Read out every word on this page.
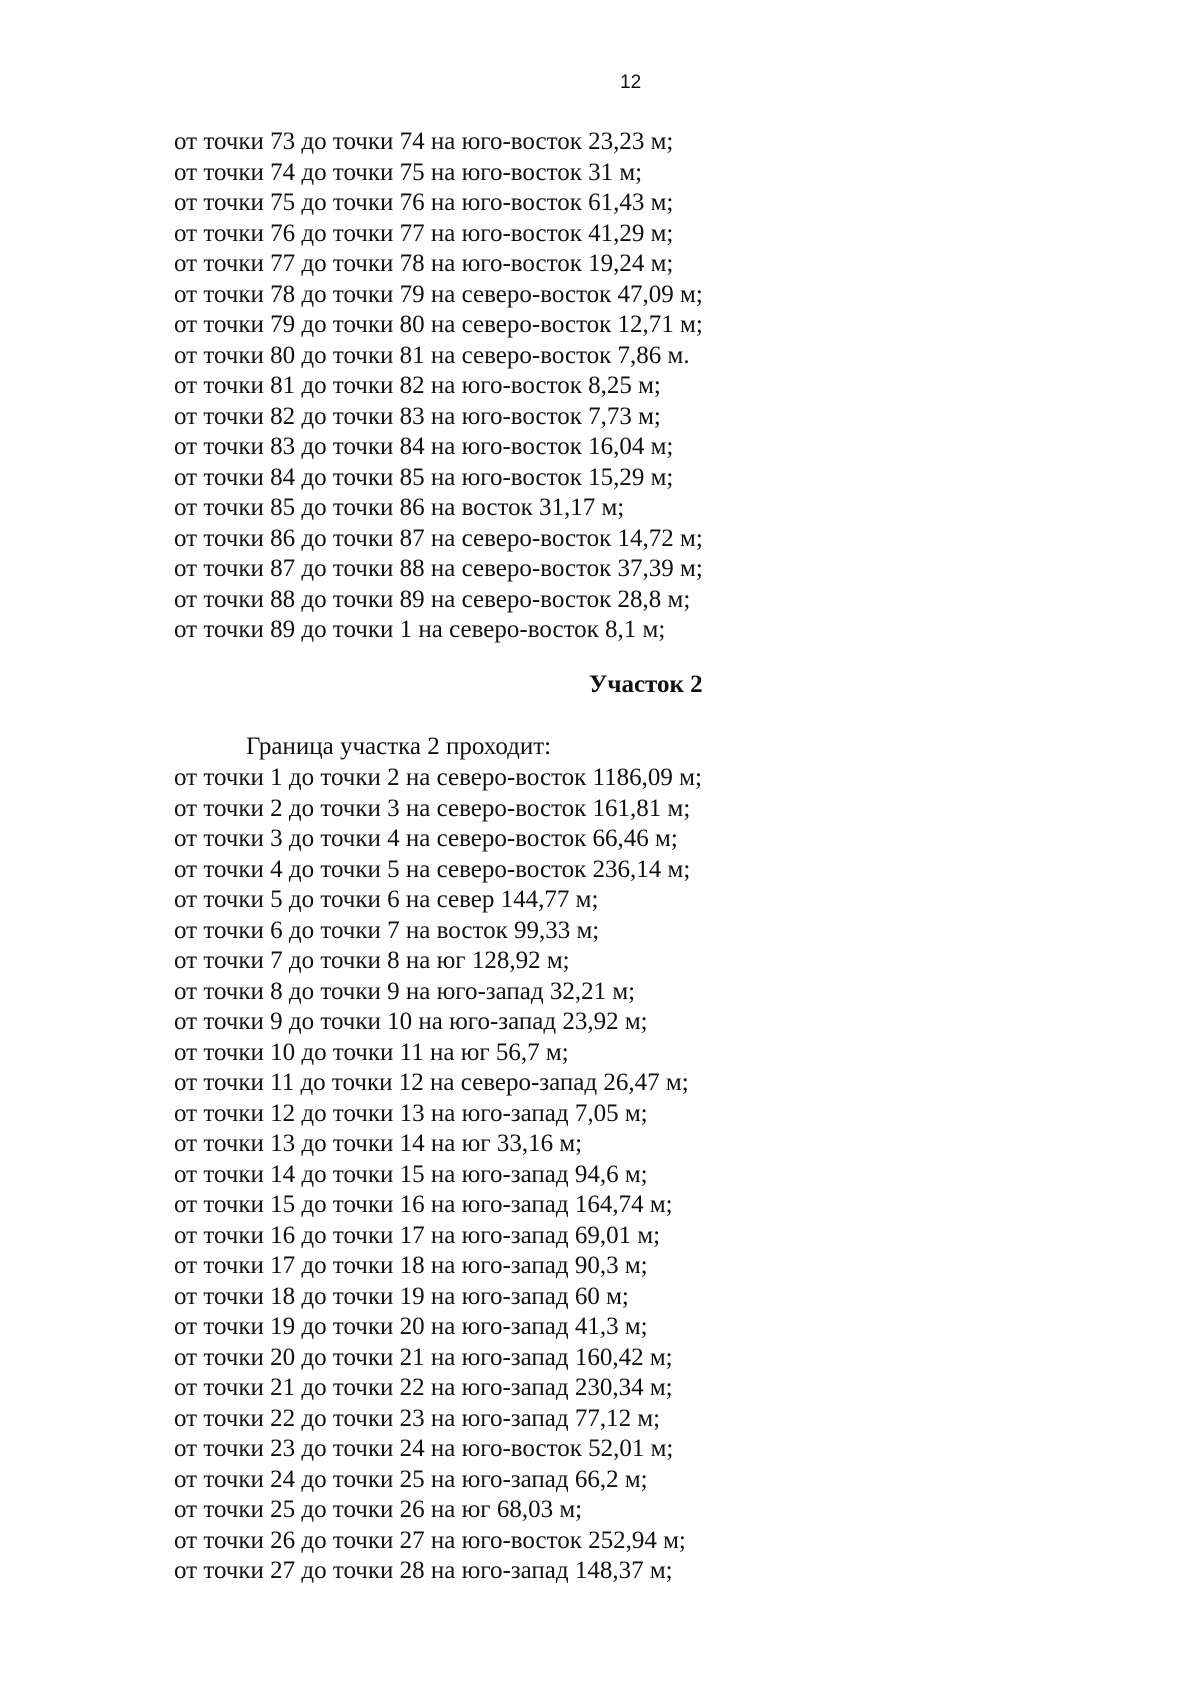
12
от точки 73 до точки 74 на юго-восток 23,23 м;
от точки 74 до точки 75 на юго-восток 31 м;
от точки 75 до точки 76 на юго-восток 61,43 м;
от точки 76 до точки 77 на юго-восток 41,29 м;
от точки 77 до точки 78 на юго-восток 19,24 м;
от точки 78 до точки 79 на северо-восток 47,09 м;
от точки 79 до точки 80 на северо-восток 12,71 м;
от точки 80 до точки 81 на северо-восток 7,86 м.
от точки 81 до точки 82 на юго-восток 8,25 м;
от точки 82 до точки 83 на юго-восток 7,73 м;
от точки 83 до точки 84 на юго-восток 16,04 м;
от точки 84 до точки 85 на юго-восток 15,29 м;
от точки 85 до точки 86 на восток 31,17 м;
от точки 86 до точки 87 на северо-восток 14,72 м;
от точки 87 до точки 88 на северо-восток 37,39 м;
от точки 88 до точки 89 на северо-восток 28,8 м;
от точки 89 до точки 1 на северо-восток 8,1 м;
Участок 2
Граница участка 2 проходит:
от точки 1 до точки 2 на северо-восток 1186,09 м;
от точки 2 до точки 3 на северо-восток 161,81 м;
от точки 3 до точки 4 на северо-восток 66,46 м;
от точки 4 до точки 5 на северо-восток 236,14 м;
от точки 5 до точки 6 на север 144,77 м;
от точки 6 до точки 7 на восток 99,33 м;
от точки 7 до точки 8 на юг 128,92 м;
от точки 8 до точки 9 на юго-запад 32,21 м;
от точки 9 до точки 10 на юго-запад 23,92 м;
от точки 10 до точки 11 на юг 56,7 м;
от точки 11 до точки 12 на северо-запад 26,47 м;
от точки 12 до точки 13 на юго-запад 7,05 м;
от точки 13 до точки 14 на юг 33,16 м;
от точки 14 до точки 15 на юго-запад 94,6 м;
от точки 15 до точки 16 на юго-запад 164,74 м;
от точки 16 до точки 17 на юго-запад 69,01 м;
от точки 17 до точки 18 на юго-запад 90,3 м;
от точки 18 до точки 19 на юго-запад 60 м;
от точки 19 до точки 20 на юго-запад 41,3 м;
от точки 20 до точки 21 на юго-запад 160,42 м;
от точки 21 до точки 22 на юго-запад 230,34 м;
от точки 22 до точки 23 на юго-запад 77,12 м;
от точки 23 до точки 24 на юго-восток 52,01 м;
от точки 24 до точки 25 на юго-запад 66,2 м;
от точки 25 до точки 26 на юг 68,03 м;
от точки 26 до точки 27 на юго-восток 252,94 м;
от точки 27 до точки 28 на юго-запад 148,37 м;
